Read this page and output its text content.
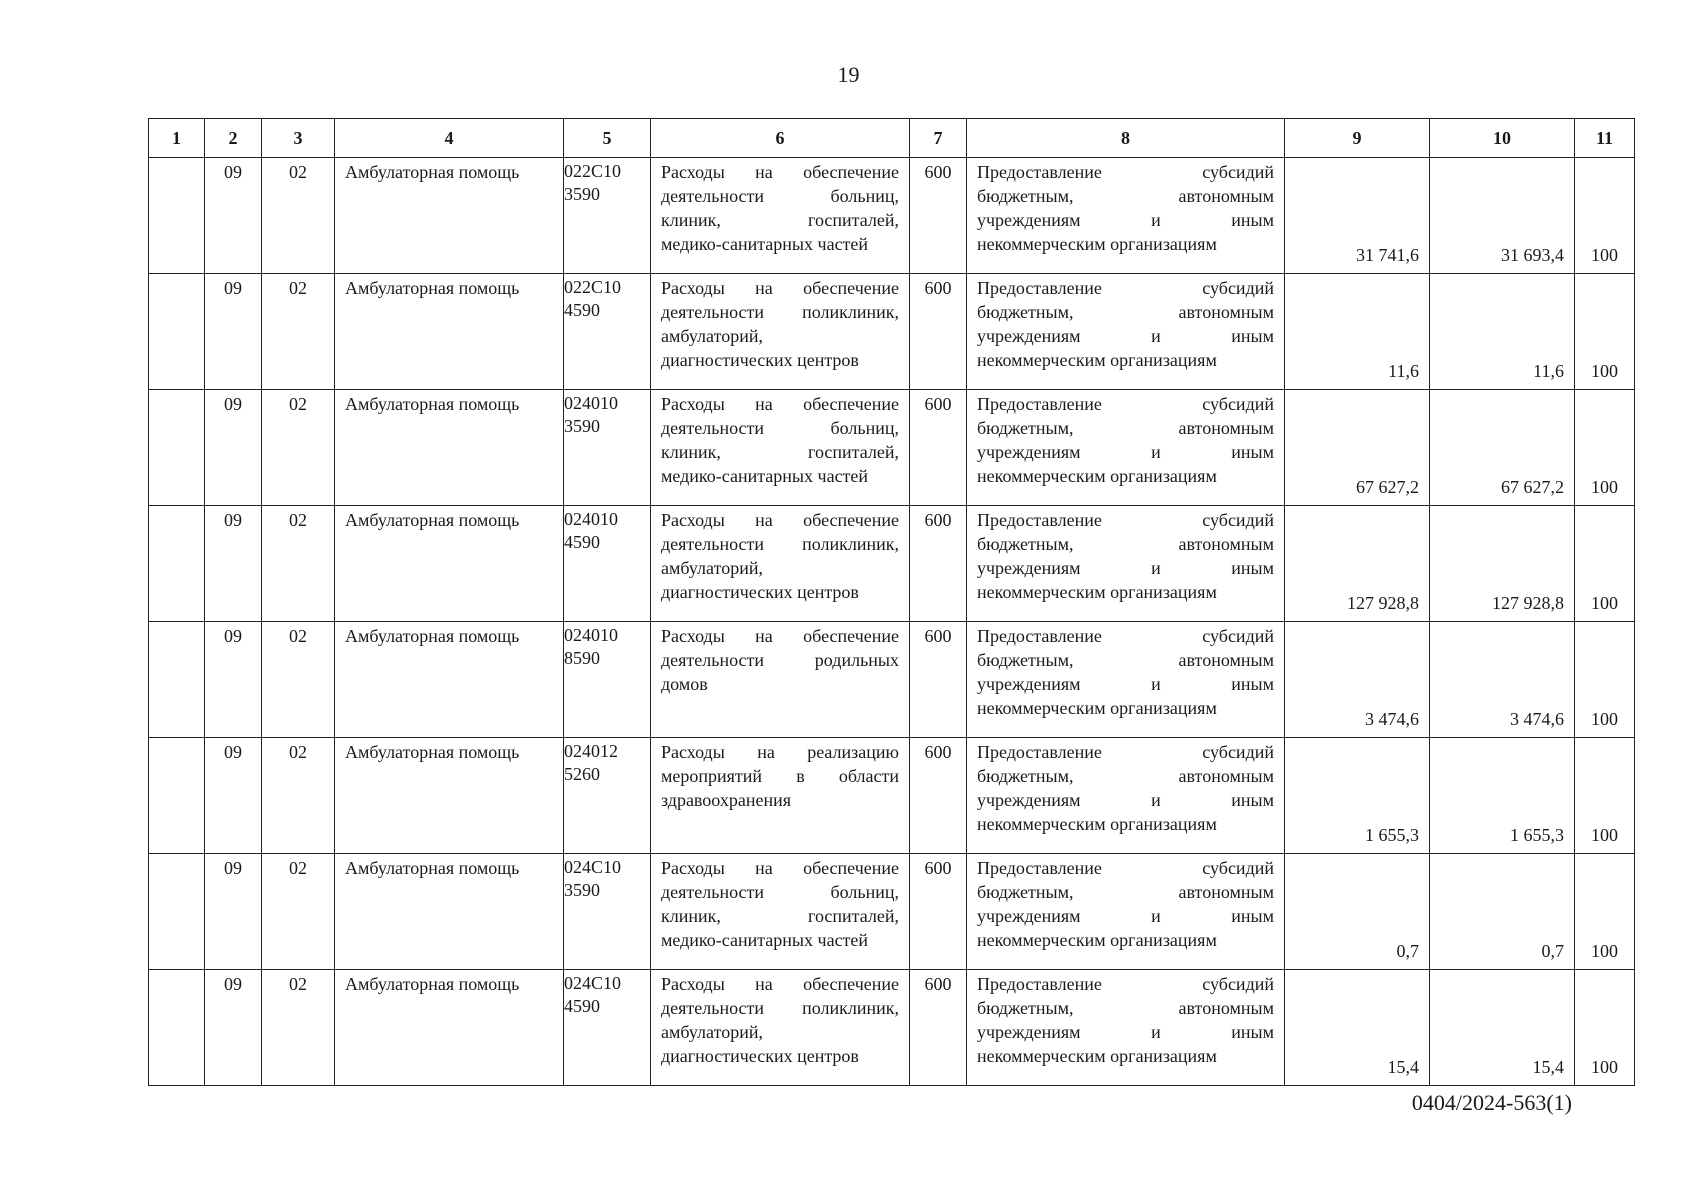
19
1	2	3	4	5	6	7	8	9	10	11
	09	02	Амбулаторная помощь	022С10
3590	Расходы на обеспечение
деятельности больниц,
клиник, госпиталей,
медико-санитарных частей	600	Предоставление субсидий
бюджетным, автономным
учреждениям и иным
некоммерческим организациям	31 741,6	31 693,4	100
	09	02	Амбулаторная помощь	022С10
4590	Расходы на обеспечение
деятельности поликлиник,
амбулаторий,
диагностических центров	600	Предоставление субсидий
бюджетным, автономным
учреждениям и иным
некоммерческим организациям	11,6	11,6	100
	09	02	Амбулаторная помощь	024010
3590	Расходы на обеспечение
деятельности больниц,
клиник, госпиталей,
медико-санитарных частей	600	Предоставление субсидий
бюджетным, автономным
учреждениям и иным
некоммерческим организациям	67 627,2	67 627,2	100
	09	02	Амбулаторная помощь	024010
4590	Расходы на обеспечение
деятельности поликлиник,
амбулаторий,
диагностических центров	600	Предоставление субсидий
бюджетным, автономным
учреждениям и иным
некоммерческим организациям	127 928,8	127 928,8	100
	09	02	Амбулаторная помощь	024010
8590	Расходы на обеспечение
деятельности родильных
домов	600	Предоставление субсидий
бюджетным, автономным
учреждениям и иным
некоммерческим организациям	3 474,6	3 474,6	100
	09	02	Амбулаторная помощь	024012
5260	Расходы на реализацию
мероприятий в области
здравоохранения	600	Предоставление субсидий
бюджетным, автономным
учреждениям и иным
некоммерческим организациям	1 655,3	1 655,3	100
	09	02	Амбулаторная помощь	024С10
3590	Расходы на обеспечение
деятельности больниц,
клиник, госпиталей,
медико-санитарных частей	600	Предоставление субсидий
бюджетным, автономным
учреждениям и иным
некоммерческим организациям	0,7	0,7	100
	09	02	Амбулаторная помощь	024С10
4590	Расходы на обеспечение
деятельности поликлиник,
амбулаторий,
диагностических центров	600	Предоставление субсидий
бюджетным, автономным
учреждениям и иным
некоммерческим организациям	15,4	15,4	100
0404/2024-563(1)
